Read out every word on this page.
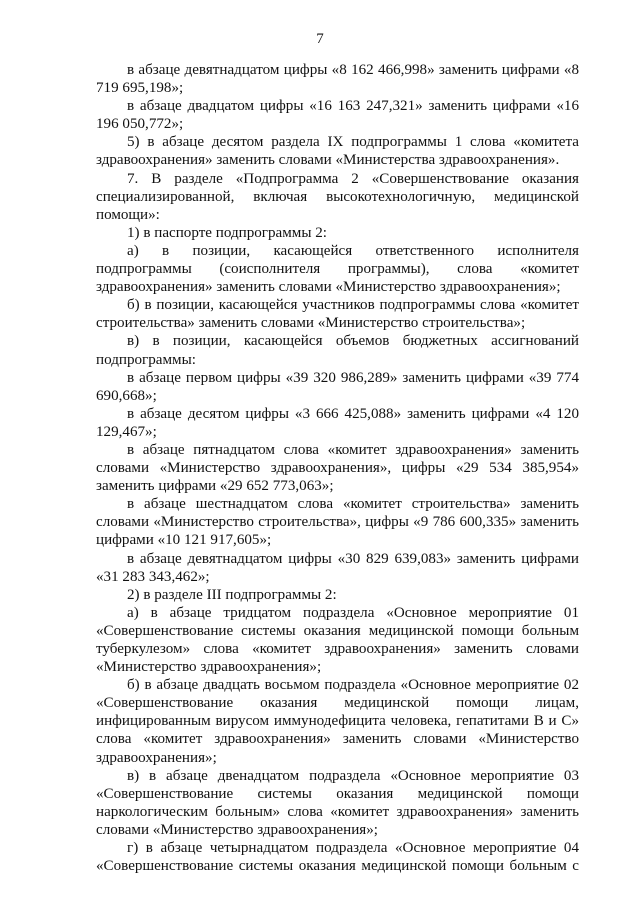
7

в абзаце девятнадцатом цифры «8 162 466,998» заменить цифрами «8 719 695,198»;

в абзаце двадцатом цифры «16 163 247,321» заменить цифрами «16 196 050,772»;

5) в абзаце десятом раздела IX подпрограммы 1 слова «комитета здравоохранения» заменить словами «Министерства здравоохранения».

7. В разделе «Подпрограмма 2 «Совершенствование оказания специализированной, включая высокотехнологичную, медицинской помощи»:

1) в паспорте подпрограммы 2:

а) в позиции, касающейся ответственного исполнителя подпрограммы (соисполнителя программы), слова «комитет здравоохранения» заменить словами «Министерство здравоохранения»;

б) в позиции, касающейся участников подпрограммы слова «комитет строительства» заменить словами «Министерство строительства»;

в) в позиции, касающейся объемов бюджетных ассигнований подпрограммы:

в абзаце первом цифры «39 320 986,289» заменить цифрами «39 774 690,668»;

в абзаце десятом цифры «3 666 425,088» заменить цифрами «4 120 129,467»;

в абзаце пятнадцатом слова «комитет здравоохранения» заменить словами «Министерство здравоохранения», цифры «29 534 385,954» заменить цифрами «29 652 773,063»;

в абзаце шестнадцатом слова «комитет строительства» заменить словами «Министерство строительства», цифры «9 786 600,335» заменить цифрами «10 121 917,605»;

в абзаце девятнадцатом цифры «30 829 639,083» заменить цифрами «31 283 343,462»;

2) в разделе III подпрограммы 2:

а) в абзаце тридцатом подраздела «Основное мероприятие 01 «Совершенствование системы оказания медицинской помощи больным туберкулезом» слова «комитет здравоохранения» заменить словами «Министерство здравоохранения»;

б) в абзаце двадцать восьмом подраздела «Основное мероприятие 02 «Совершенствование оказания медицинской помощи лицам, инфицированным вирусом иммунодефицита человека, гепатитами B и C» слова «комитет здравоохранения» заменить словами «Министерство здравоохранения»;

в) в абзаце двенадцатом подраздела «Основное мероприятие 03 «Совершенствование системы оказания медицинской помощи наркологическим больным» слова «комитет здравоохранения» заменить словами «Министерство здравоохранения»;

г) в абзаце четырнадцатом подраздела «Основное мероприятие 04 «Совершенствование системы оказания медицинской помощи больным с
